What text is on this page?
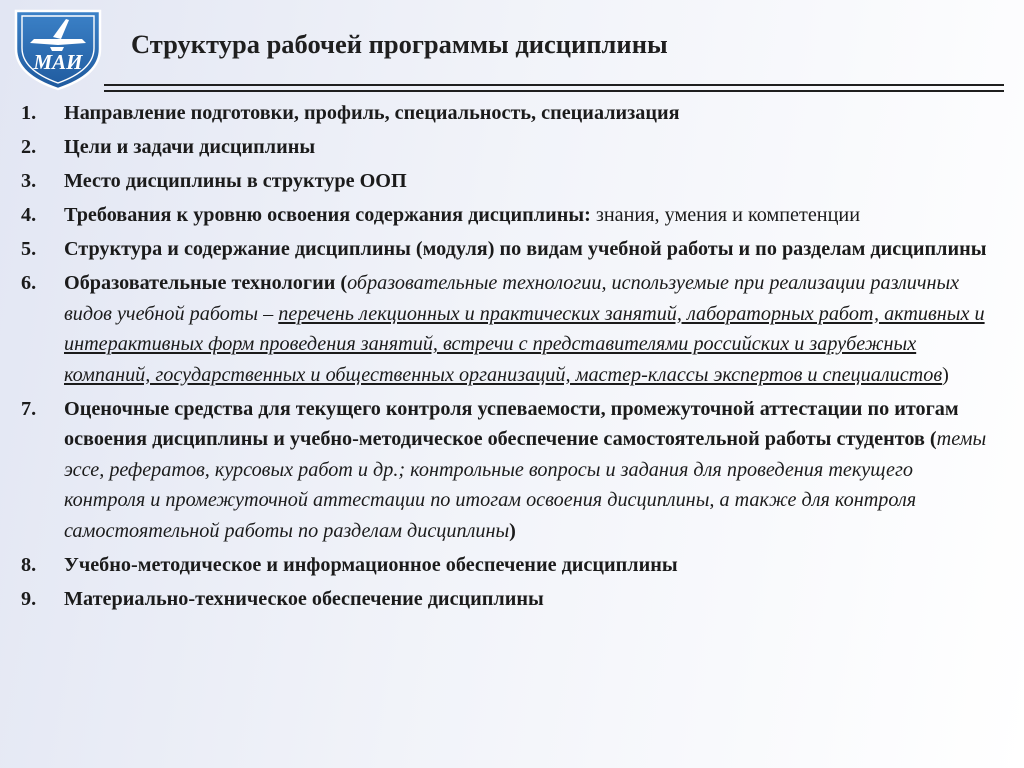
МАИ
Структура рабочей программы дисциплины
1.	Направление подготовки, профиль, специальность, специализация
2.	Цели и задачи дисциплины
3.	Место дисциплины в структуре ООП
4.	Требования к уровню освоения содержания дисциплины: знания, умения и компетенции
5.	Структура и содержание дисциплины (модуля) по видам учебной работы и по разделам дисциплины
6.	Образовательные технологии (образовательные технологии, используемые при реализации различных видов учебной работы – перечень лекционных и практических занятий, лабораторных работ, активных и интерактивных форм проведения занятий, встречи с представителями российских и зарубежных компаний, государственных и общественных организаций, мастер-классы экспертов и специалистов)
7.	Оценочные средства для текущего контроля успеваемости, промежуточной аттестации по итогам освоения дисциплины и учебно-методическое обеспечение самостоятельной работы студентов (темы эссе, рефератов, курсовых работ и др.; контрольные вопросы и задания для проведения текущего контроля и промежуточной аттестации по итогам освоения дисциплины, а также для контроля самостоятельной работы по разделам дисциплины)
8.	Учебно-методическое и информационное обеспечение дисциплины
9.	Материально-техническое обеспечение дисциплины
